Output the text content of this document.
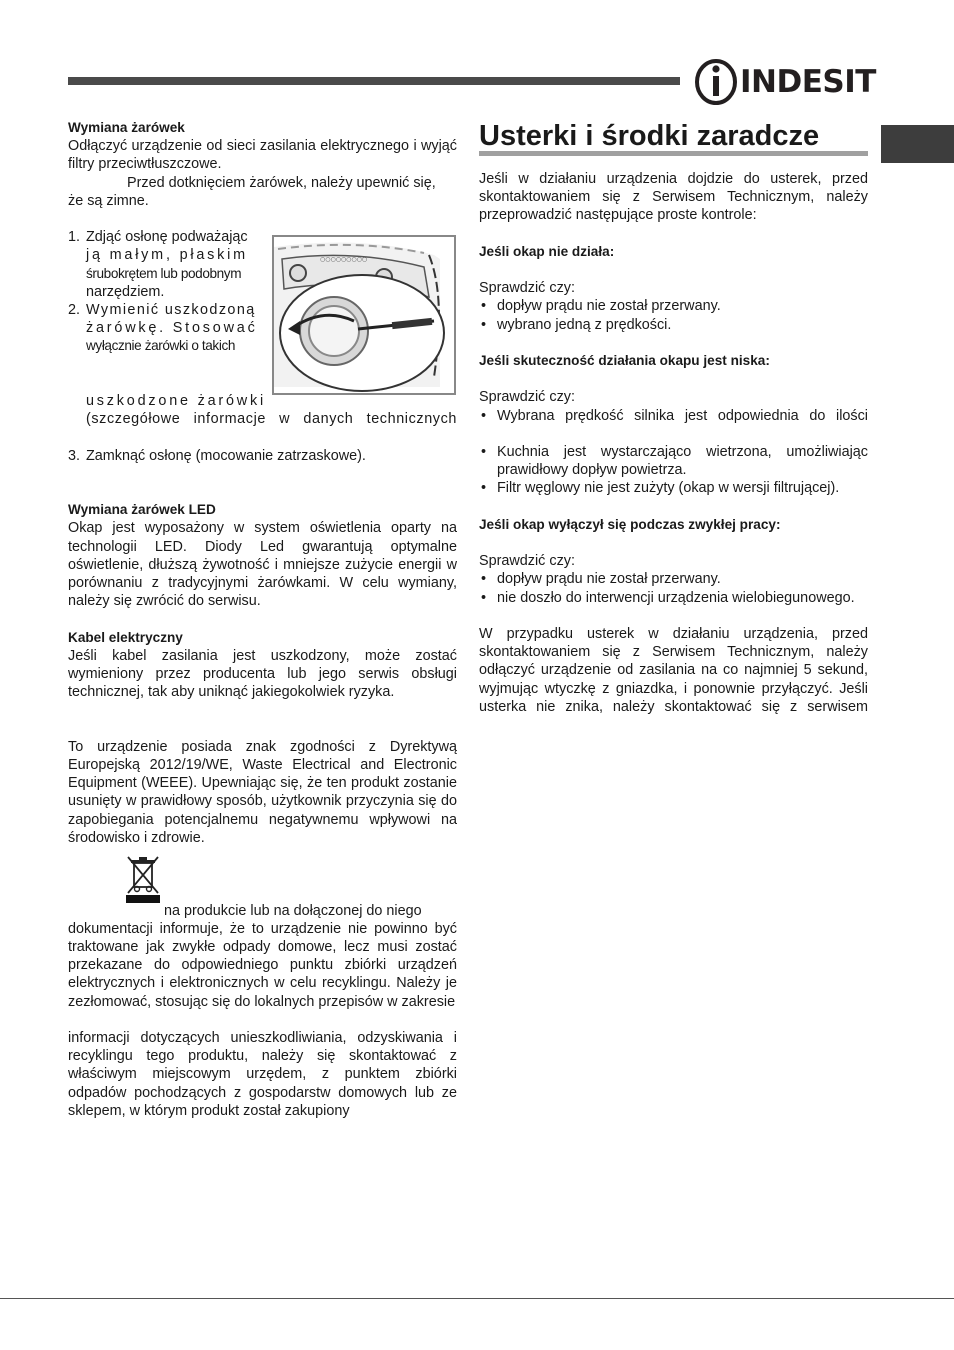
INDESIT

Wymiana żarówek

Odłączyć urządzenie od sieci zasilania elektrycznego i wyjąć filtry przeciwtłuszczowe.

Przed dotknięciem żarówek, należy upewnić się,

że są zimne.

1. Zdjąć osłonę podważając

ją małym, płaskim

śrubokrętem lub podobnym

narzędziem.

2. Wymienić uszkodzoną

żarówkę. Stosować

wyłącznie żarówki o takich

uszkodzone żarówki

(szczegółowe informacje w danych technicznych

3. Zamknąć osłonę (mocowanie zatrzaskowe).

Wymiana żarówek LED

Okap jest wyposażony w system oświetlenia oparty na technologii LED. Diody Led gwarantują optymalne oświetlenie, dłuższą żywotność i mniejsze zużycie energii w porównaniu z tradycyjnymi żarówkami. W celu wymiany, należy się zwrócić do serwisu.

Kabel elektryczny

Jeśli kabel zasilania jest uszkodzony, może zostać wymieniony przez producenta lub jego serwis obsługi technicznej, tak aby uniknąć jakiegokolwiek ryzyka.

To urządzenie posiada znak zgodności z Dyrektywą Europejską 2012/19/WE, Waste Electrical and Electronic Equipment (WEEE). Upewniając się, że ten produkt zostanie usunięty w prawidłowy sposób, użytkownik przyczynia się do zapobiegania potencjalnemu negatywnemu wpływowi na środowisko i zdrowie.

na produkcie lub na dołączonej do niego

dokumentacji informuje, że to urządzenie nie powinno być traktowane jak zwykłe odpady domowe, lecz musi zostać przekazane do odpowiedniego punktu zbiórki urządzeń elektrycznych i elektronicznych w celu recyklingu. Należy je zezłomować, stosując się do lokalnych przepisów w zakresie

informacji dotyczących unieszkodliwiania, odzyskiwania i recyklingu tego produktu, należy się skontaktować z właściwym miejscowym urzędem, z punktem zbiórki odpadów pochodzących z gospodarstw domowych lub ze sklepem, w którym produkt został zakupiony

○○○○○○○○○

Usterki i środki zaradcze

Jeśli w działaniu urządzenia dojdzie do usterek, przed skontaktowaniem się z Serwisem Technicznym, należy przeprowadzić następujące proste kontrole:

Jeśli okap nie działa:

Sprawdzić czy:

• dopływ prądu nie został przerwany.

• wybrano jedną z prędkości.

Jeśli skuteczność działania okapu jest niska:

Sprawdzić czy:

• Wybrana prędkość silnika jest odpowiednia do ilości

• Kuchnia jest wystarczająco wietrzona, umożliwiając prawidłowy dopływ powietrza.

• Filtr węglowy nie jest zużyty (okap w wersji filtrującej).

Jeśli okap wyłączył się podczas zwykłej pracy:

Sprawdzić czy:

• dopływ prądu nie został przerwany.

• nie doszło do interwencji urządzenia wielobiegunowego.

W przypadku usterek w działaniu urządzenia, przed skontaktowaniem się z Serwisem Technicznym, należy odłączyć urządzenie od zasilania na co najmniej 5 sekund, wyjmując wtyczkę z gniazdka, i ponownie przyłączyć. Jeśli usterka nie znika, należy skontaktować się z serwisem
